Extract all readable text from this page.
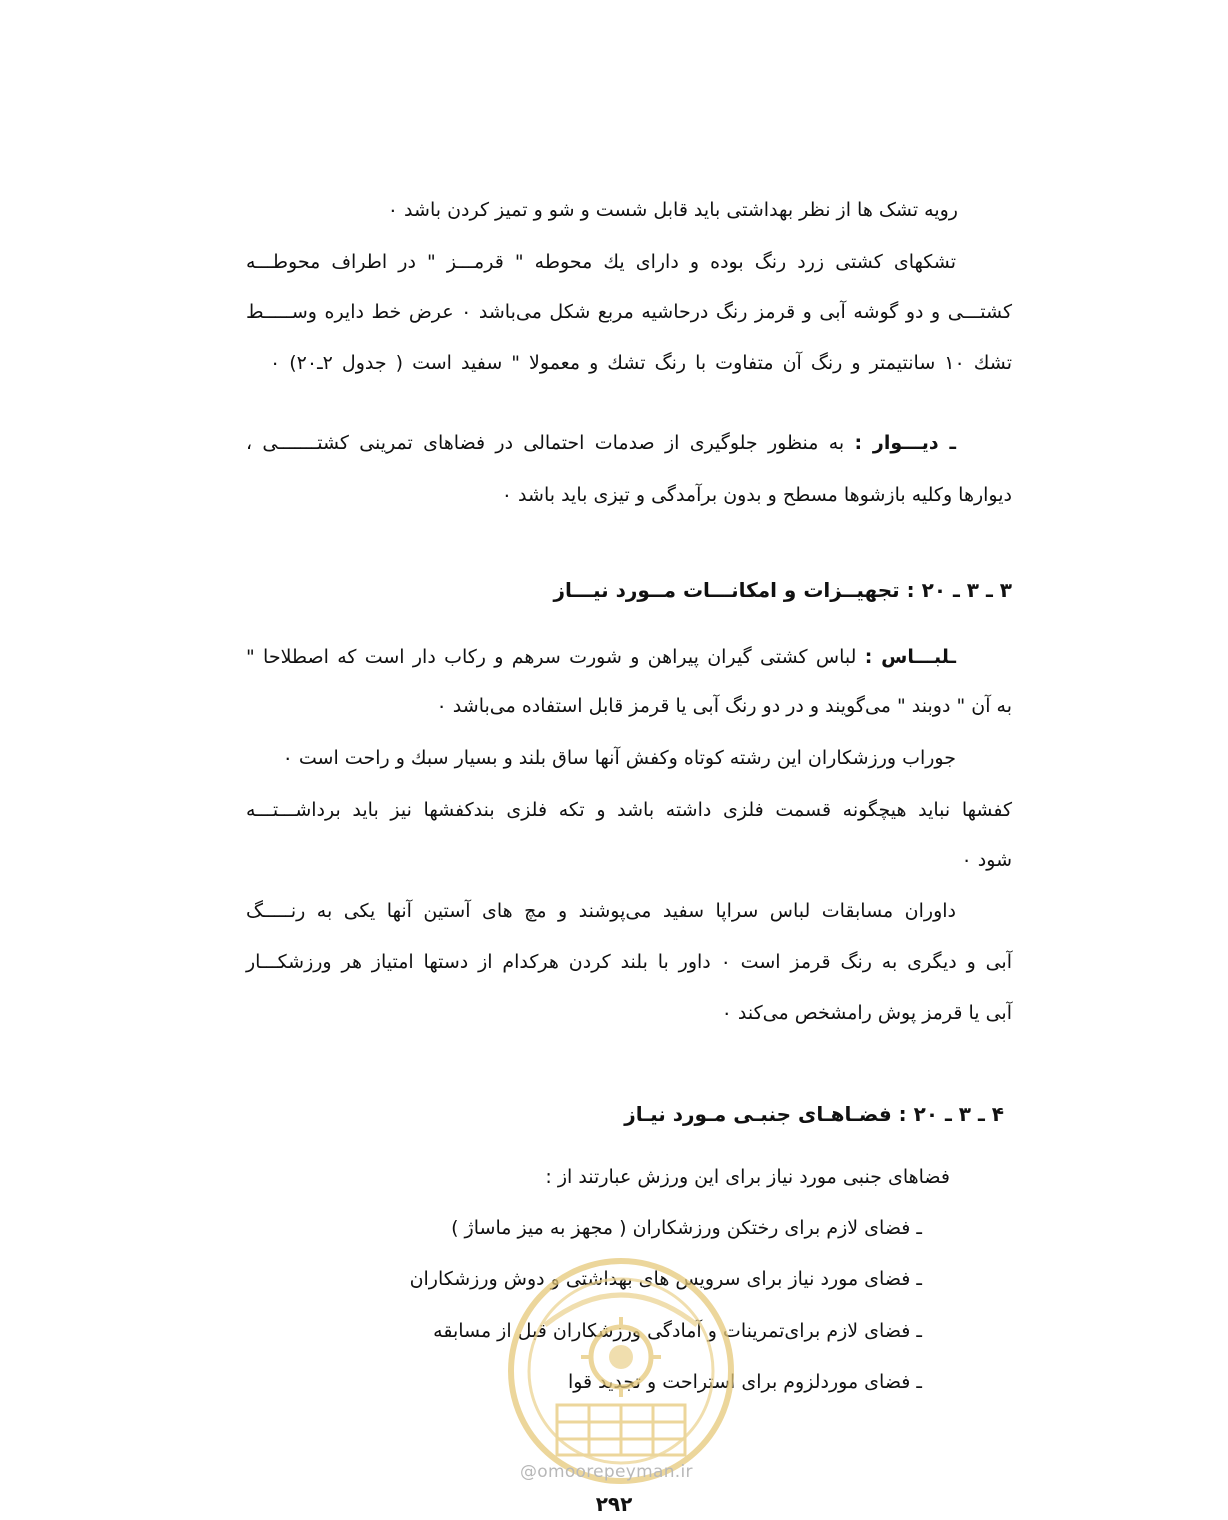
رویه تشک ها از نظر بهداشتی باید قابل شست و شو و تمیز کردن باشد ۰
تشکهای کشتی زرد رنگ بوده و دارای یك محوطه " قرمـــز " در اطراف محوطـــه
کشتـــی و دو گوشه آبی و قرمز رنگ درحاشیه مربع شکل می‌باشد ۰ عرض خط دایره وســـــط
تشك ۱۰ سانتیمتر و رنگ آن متفاوت با رنگ تشك و معمولا " سفید است ( جدول ۲ـ۲۰) ۰
ـ دیـــوار : به منظور جلوگیری از صدمات احتمالی در فضاهای تمرینی کشتـــــــی ،
دیوارها وکلیه بازشوها مسطح و بدون برآمدگی و تیزی باید باشد ۰
۳ ـ ۳ ـ ۲۰ : تجهیــزات و امکانـــات مــورد نیـــاز
ـلبـــاس : لباس کشتی گیران پیراهن و شورت سرهم و رکاب دار است که اصطلاحا "
به آن " دوبند " می‌گویند و در دو رنگ آبی یا قرمز قابل استفاده می‌باشد ۰
جوراب ورزشکاران این رشته کوتاه وکفش آنها ساق بلند و بسیار سبك و راحت است ۰
کفشها نباید هیچگونه قسمت فلزی داشته باشد و تکه فلزی بندکفشها نیز باید برداشـــتـــه
شود ۰
داوران مسابقات لباس سراپا سفید می‌پوشند و مچ های آستین آنها یکی به رنـــــگ
آبی و دیگری به رنگ قرمز است ۰ داور با بلند کردن هرکدام از دستها امتیاز هر ورزشکـــار
آبی یا قرمز پوش رامشخص می‌کند ۰
۴ ـ ۳ ـ ۲۰ : فضـاهـای جنبـی مـورد نیـاز
فضاهای جنبی مورد نیاز برای این ورزش عبارتند از :
ـ فضای لازم برای رختکن ورزشکاران ( مجهز به میز ماساژ )
ـ فضای مورد نیاز برای سرویس های بهداشتی و دوش ورزشکاران
ـ فضای لازم برای‌تمرینات و آمادگی ورزشکاران قبل از مسابقه
ـ فضای موردلزوم برای استراحت و تجدید قوا
@omoorepeyman.ir
۲۹۲
